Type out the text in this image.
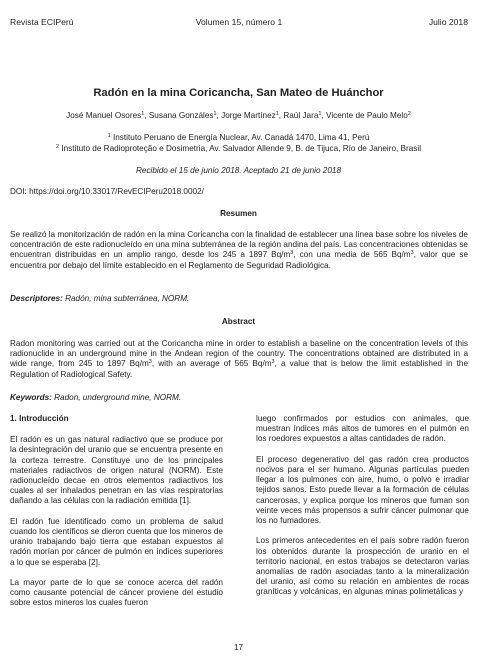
Revista ECIPerú	Volumen 15, número 1	Julio 2018
Radón en la mina Coricancha, San Mateo de Huánchor
José Manuel Osores$^1$, Susana Gonzáles$^1$, Jorge Martínez$^1$, Raúl Jara$^1$, Vicente de Paulo Melo$^2$
$^1$ Instituto Peruano de Energía Nuclear, Av. Canadá 1470, Lima 41, Perú
$^2$ Instituto de Radioproteção e Dosimetria, Av. Salvador Allende 9, B. de Tijuca, Río de Janeiro, Brasil
Recibido el 15 de junio 2018. Aceptado 21 de junio 2018
DOI: https://doi.org/10.33017/RevECIPeru2018.0002/
Resumen
Se realizó la monitorización de radón en la mina Coricancha con la finalidad de establecer una línea base sobre los niveles de concentración de este radionucleído en una mina subterránea de la región andina del país. Las concentraciones obtenidas se encuentran distribuidas en un amplio rango, desde los 245 a 1897 $Bq/m^3$, con una media de 565 $Bq/m^3$, valor que se encuentra por debajo del límite establecido en el Reglamento de Seguridad Radiológica.
Descriptores: Radón, mina subterránea, NORM.
Abstract
Radon monitoring was carried out at the Coricancha mine in order to establish a baseline on the concentration levels of this radionuclide in an underground mine in the Andean region of the country. The concentrations obtained are distributed in a wide range, from 245 to 1897 $Bq/m^3$, with an average of 565 $Bq/m^3$, a value that is below the limit established in the Regulation of Radiological Safety.
Keywords: Radon, underground mine, NORM.
1. Introducción

El radón es un gas natural radiactivo que se produce por la desintegración del uranio que se encuentra presente en la corteza terrestre. Constituye uno de los principales materiales radiactivos de origen natural (NORM). Este radionucleído decae en otros elementos radiactivos los cuales al ser inhalados penetran en las vías respiratorias dañando a las células con la radiación emitida [1].

El radón fue identificado como un problema de salud cuando los científicos se dieron cuenta que los mineros de uranio trabajando bajo tierra que estaban expuestos al radón morían por cáncer de pulmón en índices superiores a lo que se esperaba [2].

La mayor parte de lo que se conoce acerca del radón como causante potencial de cáncer proviene del estudio sobre estos mineros los cuales fueron

luego confirmados por estudios con animales, que muestran índices más altos de tumores en el pulmón en los roedores expuestos a altas cantidades de radón.

El proceso degenerativo del gas radón crea productos nocivos para el ser humano. Algunas partículas pueden llegar a los pulmones con aire, humo, o polvo e irradiar tejidos sanos. Esto puede llevar a la formación de células cancerosas, y explica porque los mineros que fuman son veinte veces más propensos a sufrir cáncer pulmonar que los no fumadores.

Los primeros antecedentes en el país sobre radón fueron los obtenidos durante la prospección de uranio en el territorio nacional, en estos trabajos se detectaron varias anomalías de radón asociadas tanto a la mineralización del uranio, así como su relación en ambientes de rocas graníticas y volcánicas, en algunas minas polimetálicas y

17
